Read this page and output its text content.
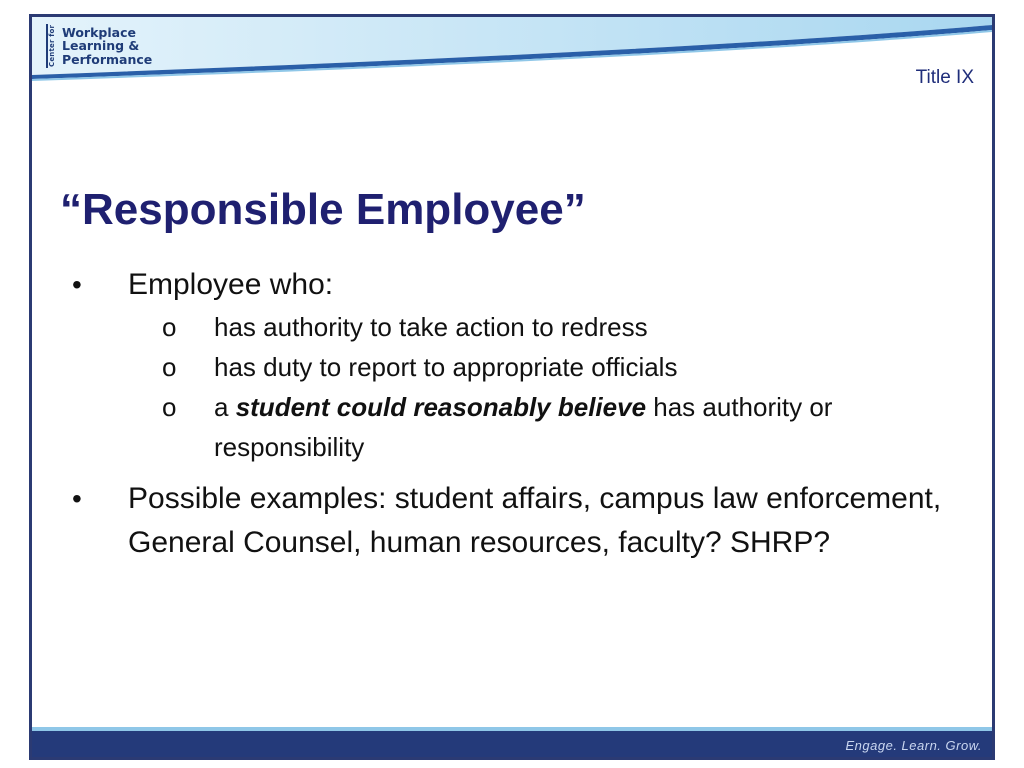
Center for Workplace
Learning &
Performance
Title IX
“Responsible Employee”
• Employee who:
o has authority to take action to redress
o has duty to report to appropriate officials
o a student could reasonably believe has authority or responsibility
• Possible examples: student affairs, campus law enforcement, General Counsel, human resources, faculty? SHRP?
Engage. Learn. Grow.
